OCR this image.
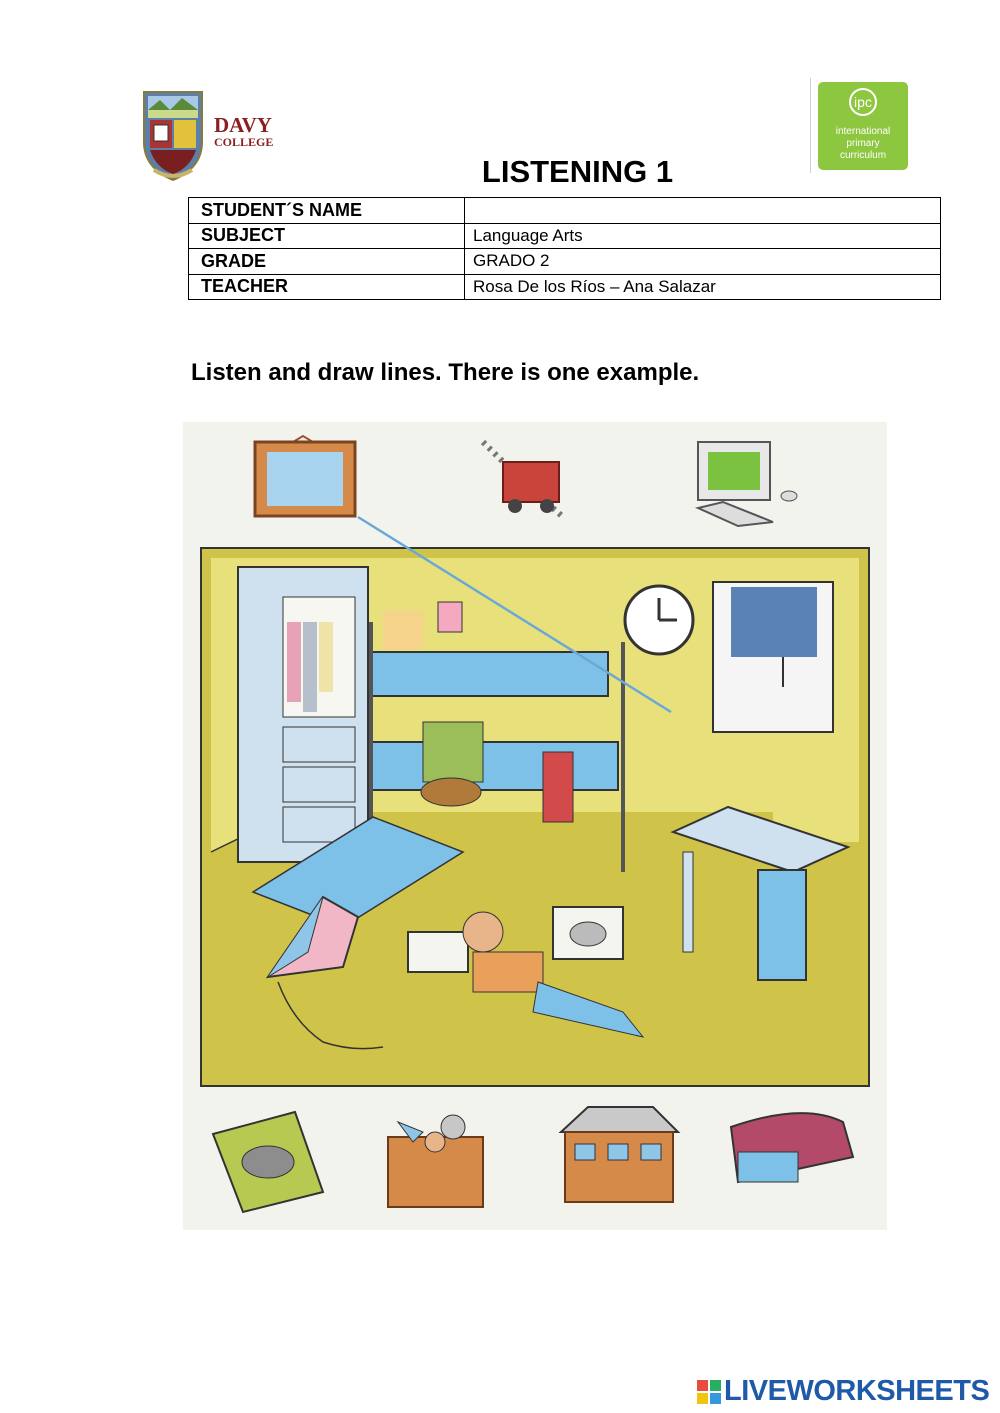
DAVY
COLLEGE
ipc
international
primary
curriculum
LISTENING 1
STUDENT´S NAME	
SUBJECT	Language Arts
GRADE	GRADO 2
TEACHER	Rosa De los Ríos – Ana Salazar
Listen and draw lines. There is one example.
LIVEWORKSHEETS
